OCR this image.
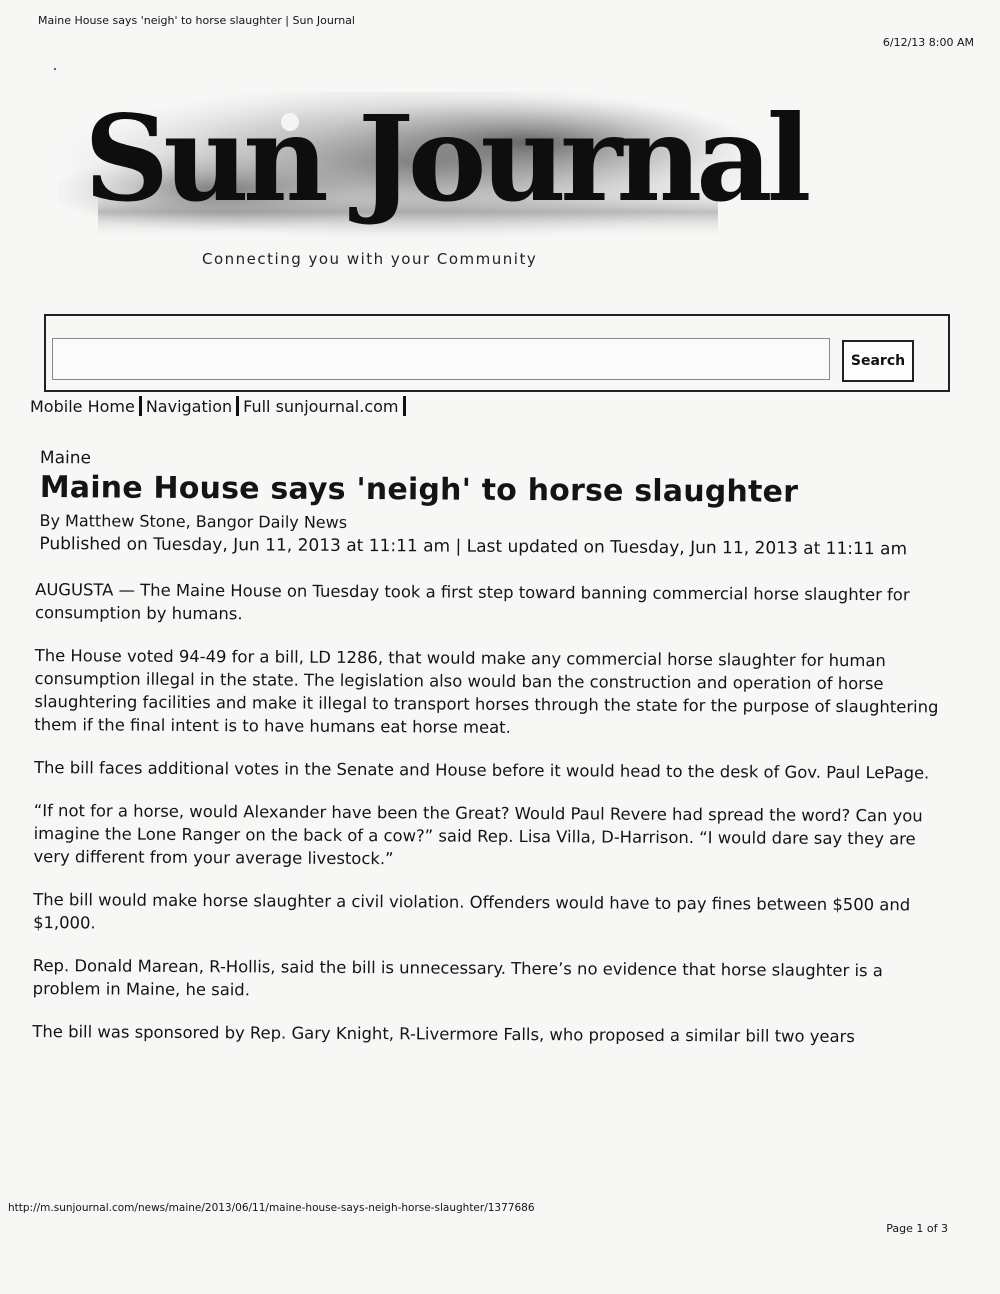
Maine House says 'neigh' to horse slaughter | Sun Journal
6/12/13 8:00 AM
Sun Journal
Connecting you with your Community
Search
Mobile Home Navigation Full sunjournal.com
Maine
Maine House says 'neigh' to horse slaughter
By Matthew Stone, Bangor Daily News
Published on Tuesday, Jun 11, 2013 at 11:11 am | Last updated on Tuesday, Jun 11, 2013 at 11:11 am

AUGUSTA — The Maine House on Tuesday took a first step toward banning commercial horse slaughter for consumption by humans.

The House voted 94-49 for a bill, LD 1286, that would make any commercial horse slaughter for human consumption illegal in the state. The legislation also would ban the construction and operation of horse slaughtering facilities and make it illegal to transport horses through the state for the purpose of slaughtering them if the final intent is to have humans eat horse meat.

The bill faces additional votes in the Senate and House before it would head to the desk of Gov. Paul LePage.

“If not for a horse, would Alexander have been the Great? Would Paul Revere had spread the word? Can you imagine the Lone Ranger on the back of a cow?” said Rep. Lisa Villa, D-Harrison. “I would dare say they are very different from your average livestock.”

The bill would make horse slaughter a civil violation. Offenders would have to pay fines between $500 and $1,000.

Rep. Donald Marean, R-Hollis, said the bill is unnecessary. There’s no evidence that horse slaughter is a problem in Maine, he said.

The bill was sponsored by Rep. Gary Knight, R-Livermore Falls, who proposed a similar bill two years

http://m.sunjournal.com/news/maine/2013/06/11/maine-house-says-neigh-horse-slaughter/1377686
Page 1 of 3
